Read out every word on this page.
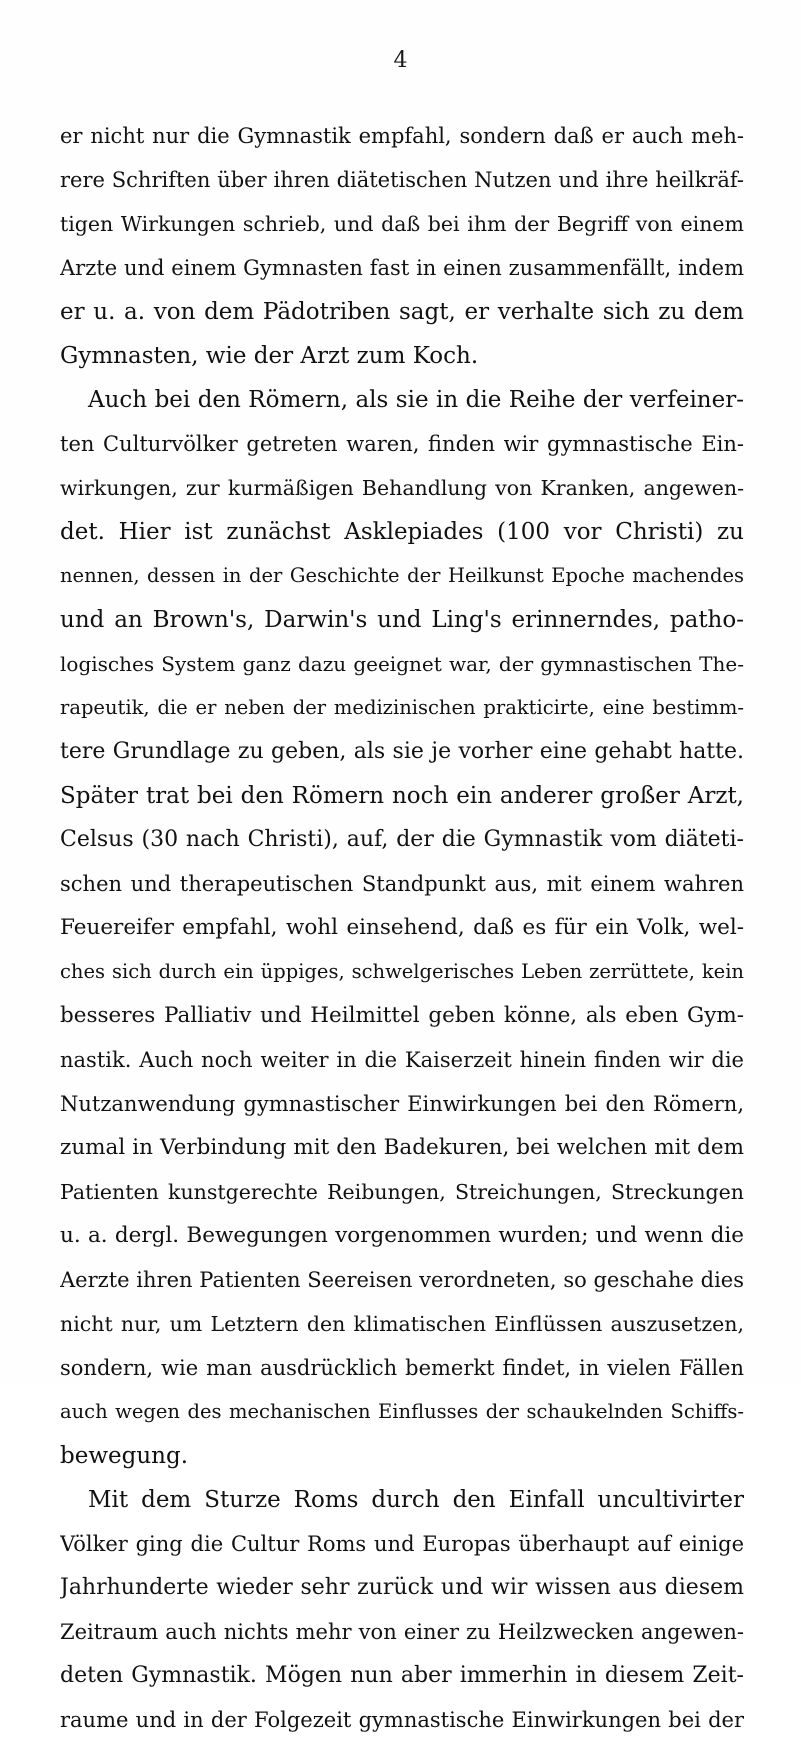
4
er nicht nur die Gymnastik empfahl, sondern daß er auch meh-
rere Schriften über ihren diätetischen Nutzen und ihre heilkräf-
tigen Wirkungen schrieb, und daß bei ihm der Begriff von einem
Arzte und einem Gymnasten fast in einen zusammenfällt, indem
er u. a. von dem Pädotriben sagt, er verhalte sich zu dem
Gymnasten, wie der Arzt zum Koch.
Auch bei den Römern, als sie in die Reihe der verfeiner-
ten Culturvölker getreten waren, finden wir gymnastische Ein-
wirkungen, zur kurmäßigen Behandlung von Kranken, angewen-
det. Hier ist zunächst Asklepiades (100 vor Christi) zu
nennen, dessen in der Geschichte der Heilkunst Epoche machendes
und an Brown's, Darwin's und Ling's erinnerndes, patho-
logisches System ganz dazu geeignet war, der gymnastischen The-
rapeutik, die er neben der medizinischen prakticirte, eine bestimm-
tere Grundlage zu geben, als sie je vorher eine gehabt hatte.
Später trat bei den Römern noch ein anderer großer Arzt,
Celsus (30 nach Christi), auf, der die Gymnastik vom diäteti-
schen und therapeutischen Standpunkt aus, mit einem wahren
Feuereifer empfahl, wohl einsehend, daß es für ein Volk, wel-
ches sich durch ein üppiges, schwelgerisches Leben zerrüttete, kein
besseres Palliativ und Heilmittel geben könne, als eben Gym-
nastik. Auch noch weiter in die Kaiserzeit hinein finden wir die
Nutzanwendung gymnastischer Einwirkungen bei den Römern,
zumal in Verbindung mit den Badekuren, bei welchen mit dem
Patienten kunstgerechte Reibungen, Streichungen, Streckungen
u. a. dergl. Bewegungen vorgenommen wurden; und wenn die
Aerzte ihren Patienten Seereisen verordneten, so geschahe dies
nicht nur, um Letztern den klimatischen Einflüssen auszusetzen,
sondern, wie man ausdrücklich bemerkt findet, in vielen Fällen
auch wegen des mechanischen Einflusses der schaukelnden Schiffs-
bewegung.
Mit dem Sturze Roms durch den Einfall uncultivirter
Völker ging die Cultur Roms und Europas überhaupt auf einige
Jahrhunderte wieder sehr zurück und wir wissen aus diesem
Zeitraum auch nichts mehr von einer zu Heilzwecken angewen-
deten Gymnastik. Mögen nun aber immerhin in diesem Zeit-
raume und in der Folgezeit gymnastische Einwirkungen bei der
